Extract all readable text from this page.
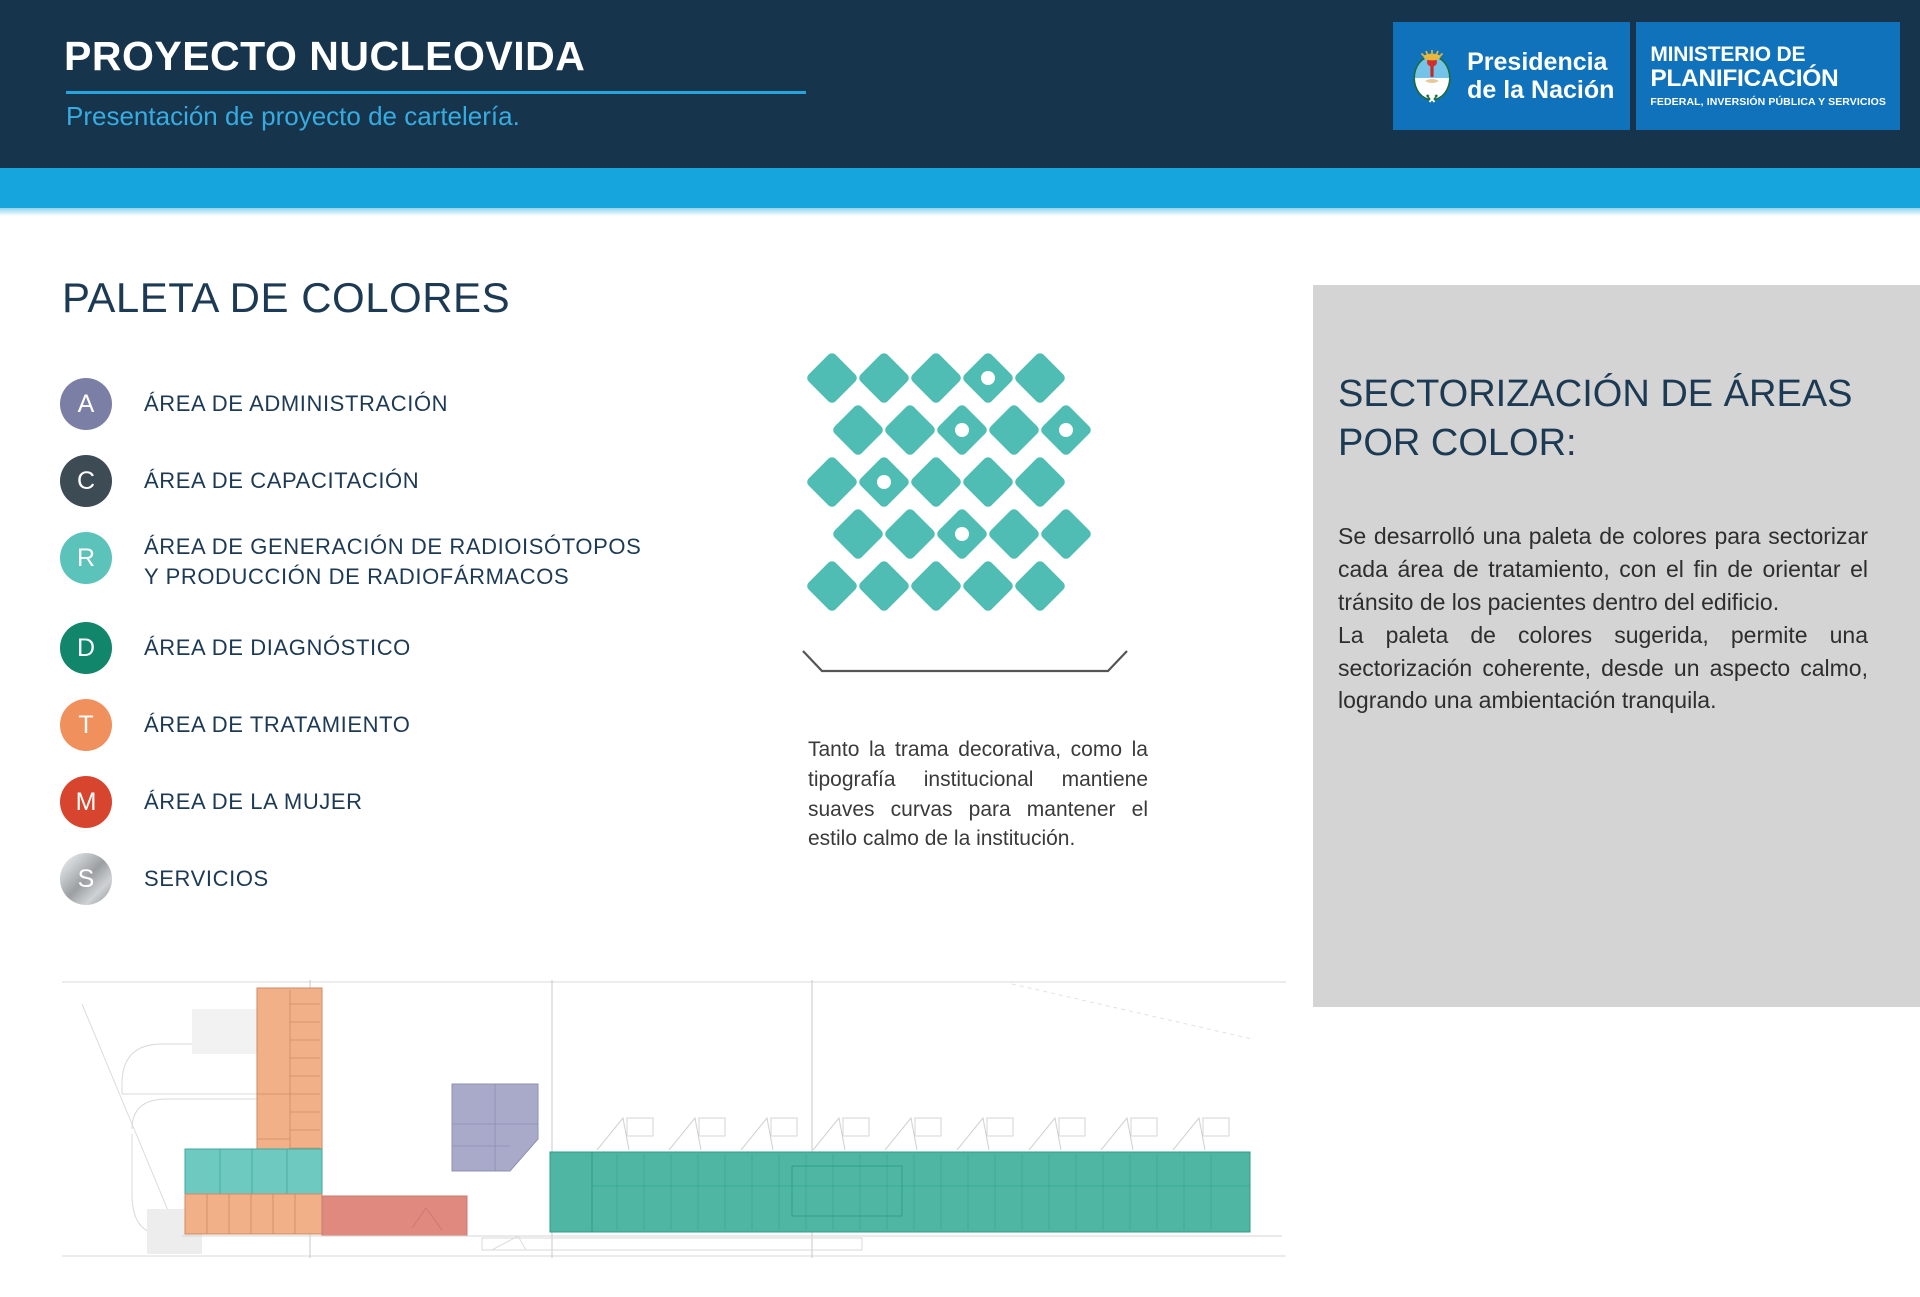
PROYECTO NUCLEOVIDA
Presentación de proyecto de cartelería.
Presidencia
de la Nación
MINISTERIO DE
PLANIFICACIÓN
FEDERAL, INVERSIÓN PÚBLICA Y SERVICIOS
PALETA DE COLORES
A ÁREA DE ADMINISTRACIÓN
C ÁREA DE CAPACITACIÓN
R ÁREA DE GENERACIÓN DE RADIOISÓTOPOS
Y PRODUCCIÓN DE RADIOFÁRMACOS
D ÁREA DE DIAGNÓSTICO
T ÁREA DE TRATAMIENTO
M ÁREA DE LA MUJER
S SERVICIOS
Tanto la trama decorativa, como la tipografía institucional mantiene suaves curvas para mantener el estilo calmo de la institución.
SECTORIZACIÓN DE ÁREAS POR COLOR:

Se desarrolló una paleta de colores para sectorizar cada área de tratamiento, con el fin de orientar el tránsito de los pacientes dentro del edificio.

La paleta de colores sugerida, permite una sectorización coherente, desde un aspecto calmo, logrando una ambientación tranquila.
